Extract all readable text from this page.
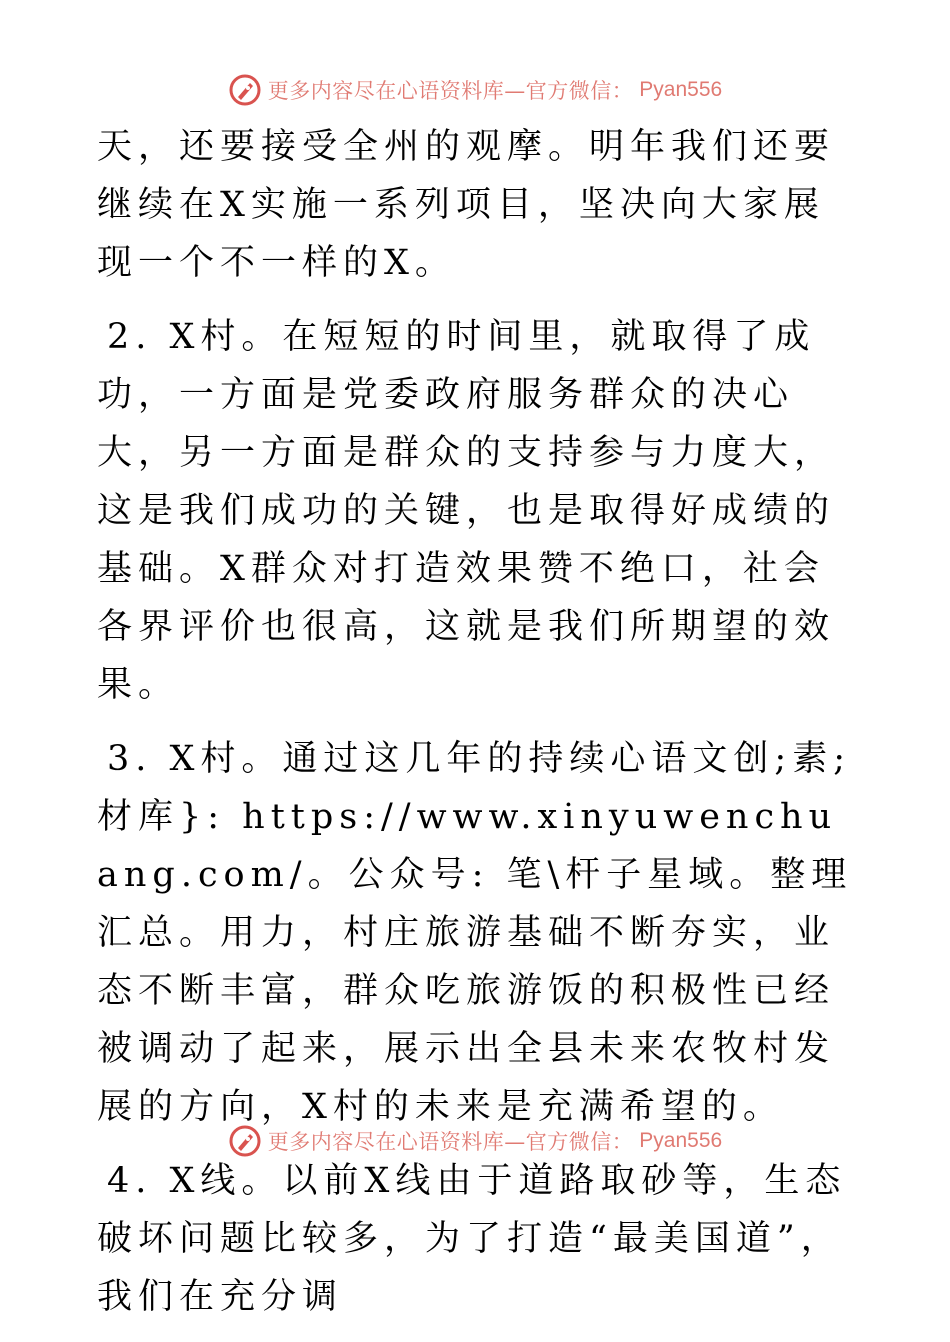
更多内容尽在心语资料库—官方微信： Pyan556

天，还要接受全州的观摩。明年我们还要继续在X实施一系列项目，坚决向大家展现一个不一样的X。

2. X村。在短短的时间里，就取得了成功，一方面是党委政府服务群众的决心大，另一方面是群众的支持参与力度大，这是我们成功的关键，也是取得好成绩的基础。X群众对打造效果赞不绝口，社会各界评价也很高，这就是我们所期望的效果。

3. X村。通过这几年的持续心语文创;素;材库}: https://www.xinyuwenchuang.com/。公众号: 笔\杆子星域。整理汇总。用力，村庄旅游基础不断夯实，业态不断丰富，群众吃旅游饭的积极性已经被调动了起来，展示出全县未来农牧村发展的方向，X村的未来是充满希望的。

4. X线。以前X线由于道路取砂等，生态破坏问题比较多，为了打造“最美国道”，我们在充分调

更多内容尽在心语资料库—官方微信： Pyan556
